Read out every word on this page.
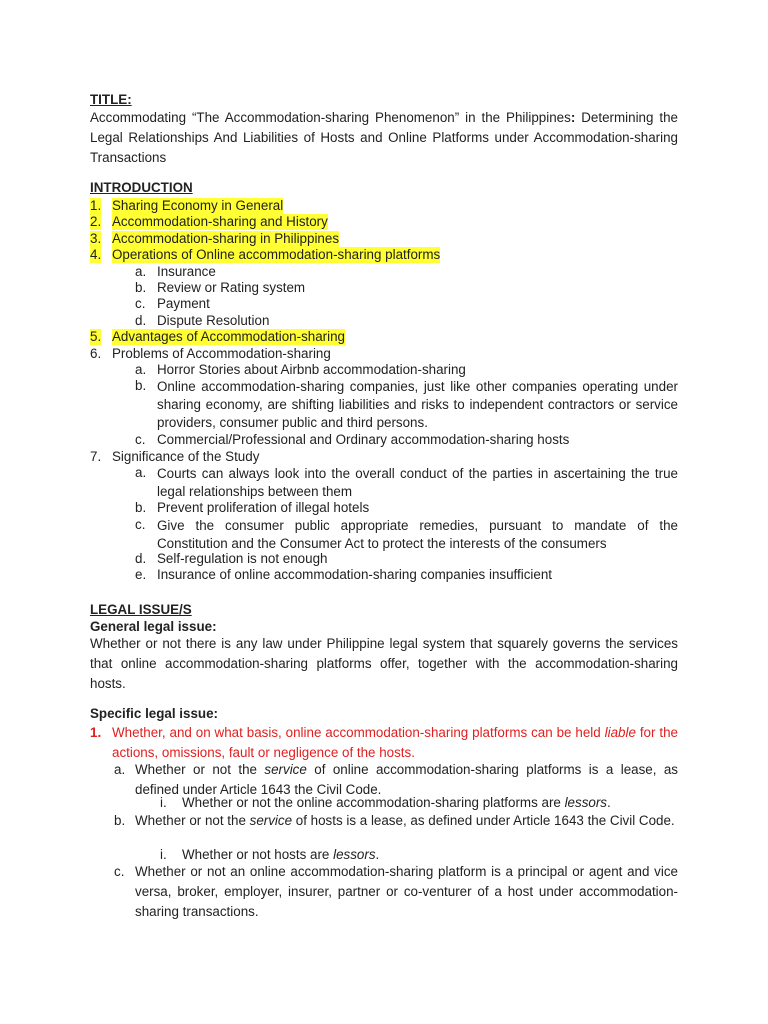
TITLE:
Accommodating “The Accommodation-sharing Phenomenon” in the Philippines: Determining the Legal Relationships And Liabilities of Hosts and Online Platforms under Accommodation-sharing Transactions
INTRODUCTION
1. Sharing Economy in General
2. Accommodation-sharing and History
3. Accommodation-sharing in Philippines
4. Operations of Online accommodation-sharing platforms
a. Insurance
b. Review or Rating system
c. Payment
d. Dispute Resolution
5. Advantages of Accommodation-sharing
6. Problems of Accommodation-sharing
a. Horror Stories about Airbnb accommodation-sharing
b. Online accommodation-sharing companies, just like other companies operating under sharing economy, are shifting liabilities and risks to independent contractors or service providers, consumer public and third persons.
c. Commercial/Professional and Ordinary accommodation-sharing hosts
7. Significance of the Study
a. Courts can always look into the overall conduct of the parties in ascertaining the true legal relationships between them
b. Prevent proliferation of illegal hotels
c. Give the consumer public appropriate remedies, pursuant to mandate of the Constitution and the Consumer Act to protect the interests of the consumers
d. Self-regulation is not enough
e. Insurance of online accommodation-sharing companies insufficient
LEGAL ISSUE/S
General legal issue:
Whether or not there is any law under Philippine legal system that squarely governs the services that online accommodation-sharing platforms offer, together with the accommodation-sharing hosts.
Specific legal issue:
1. Whether, and on what basis, online accommodation-sharing platforms can be held liable for the actions, omissions, fault or negligence of the hosts.
a. Whether or not the service of online accommodation-sharing platforms is a lease, as defined under Article 1643 the Civil Code.
i. Whether or not the online accommodation-sharing platforms are lessors.
b. Whether or not the service of hosts is a lease, as defined under Article 1643 the Civil Code.
i. Whether or not hosts are lessors.
c. Whether or not an online accommodation-sharing platform is a principal or agent and vice versa, broker, employer, insurer, partner or co-venturer of a host under accommodation-sharing transactions.
